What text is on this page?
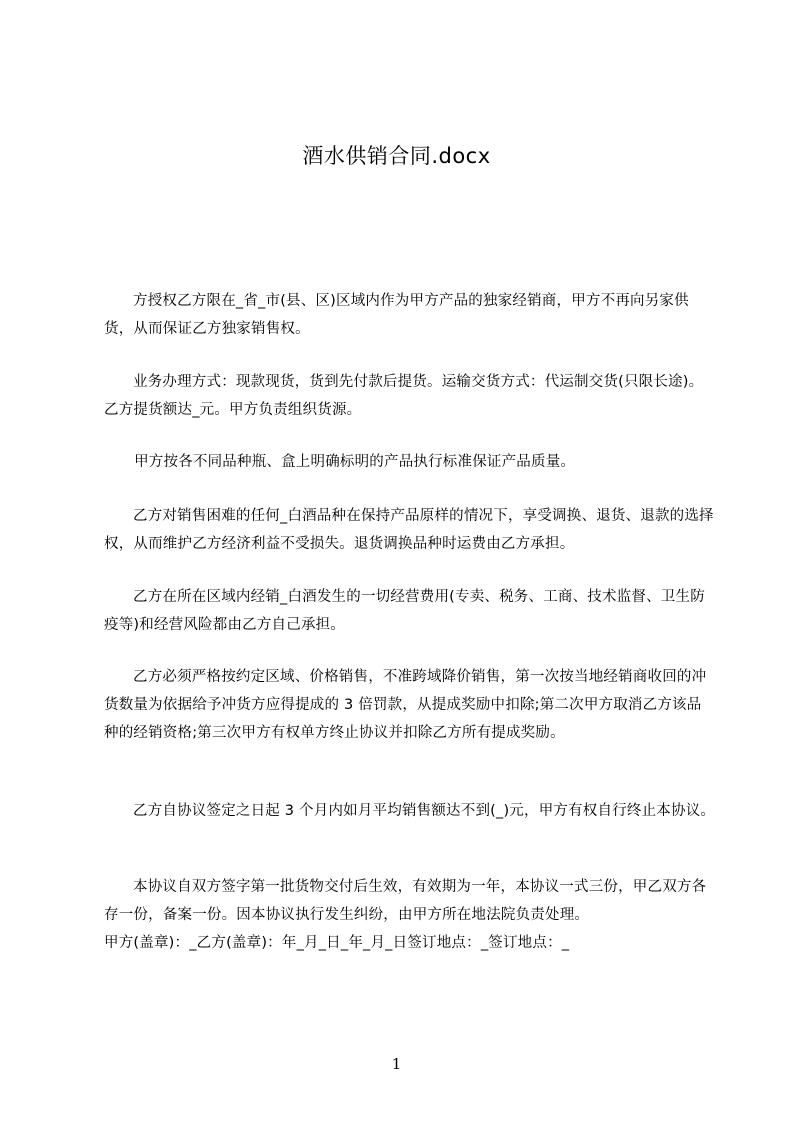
酒水供销合同.docx

方授权乙方限在_省_市(县、区)区域内作为甲方产品的独家经销商，甲方不再向另家供货，从而保证乙方独家销售权。

业务办理方式：现款现货，货到先付款后提货。运输交货方式：代运制交货(只限长途)。乙方提货额达_元。甲方负责组织货源。

甲方按各不同品种瓶、盒上明确标明的产品执行标准保证产品质量。

乙方对销售困难的任何_白酒品种在保持产品原样的情况下，享受调换、退货、退款的选择权，从而维护乙方经济利益不受损失。退货调换品种时运费由乙方承担。

乙方在所在区域内经销_白酒发生的一切经营费用(专卖、税务、工商、技术监督、卫生防疫等)和经营风险都由乙方自己承担。

乙方必须严格按约定区域、价格销售，不准跨域降价销售，第一次按当地经销商收回的冲货数量为依据给予冲货方应得提成的 3 倍罚款，从提成奖励中扣除;第二次甲方取消乙方该品种的经销资格;第三次甲方有权单方终止协议并扣除乙方所有提成奖励。

乙方自协议签定之日起 3 个月内如月平均销售额达不到(_)元，甲方有权自行终止本协议。

本协议自双方签字第一批货物交付后生效，有效期为一年，本协议一式三份，甲乙双方各存一份，备案一份。因本协议执行发生纠纷，由甲方所在地法院负责处理。

甲方(盖章)：_乙方(盖章)：年_月_日_年_月_日签订地点：_签订地点：_
1
